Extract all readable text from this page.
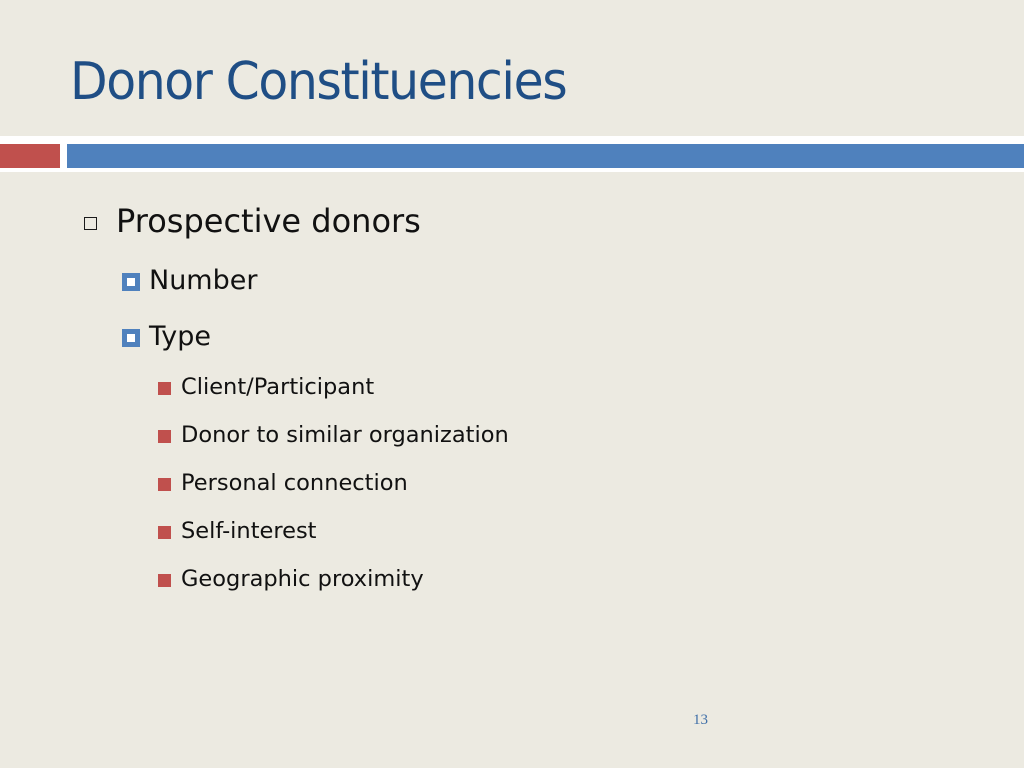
Donor Constituencies
Prospective donors
Number
Type
Client/Participant
Donor to similar organization
Personal connection
Self-interest
Geographic proximity
13
